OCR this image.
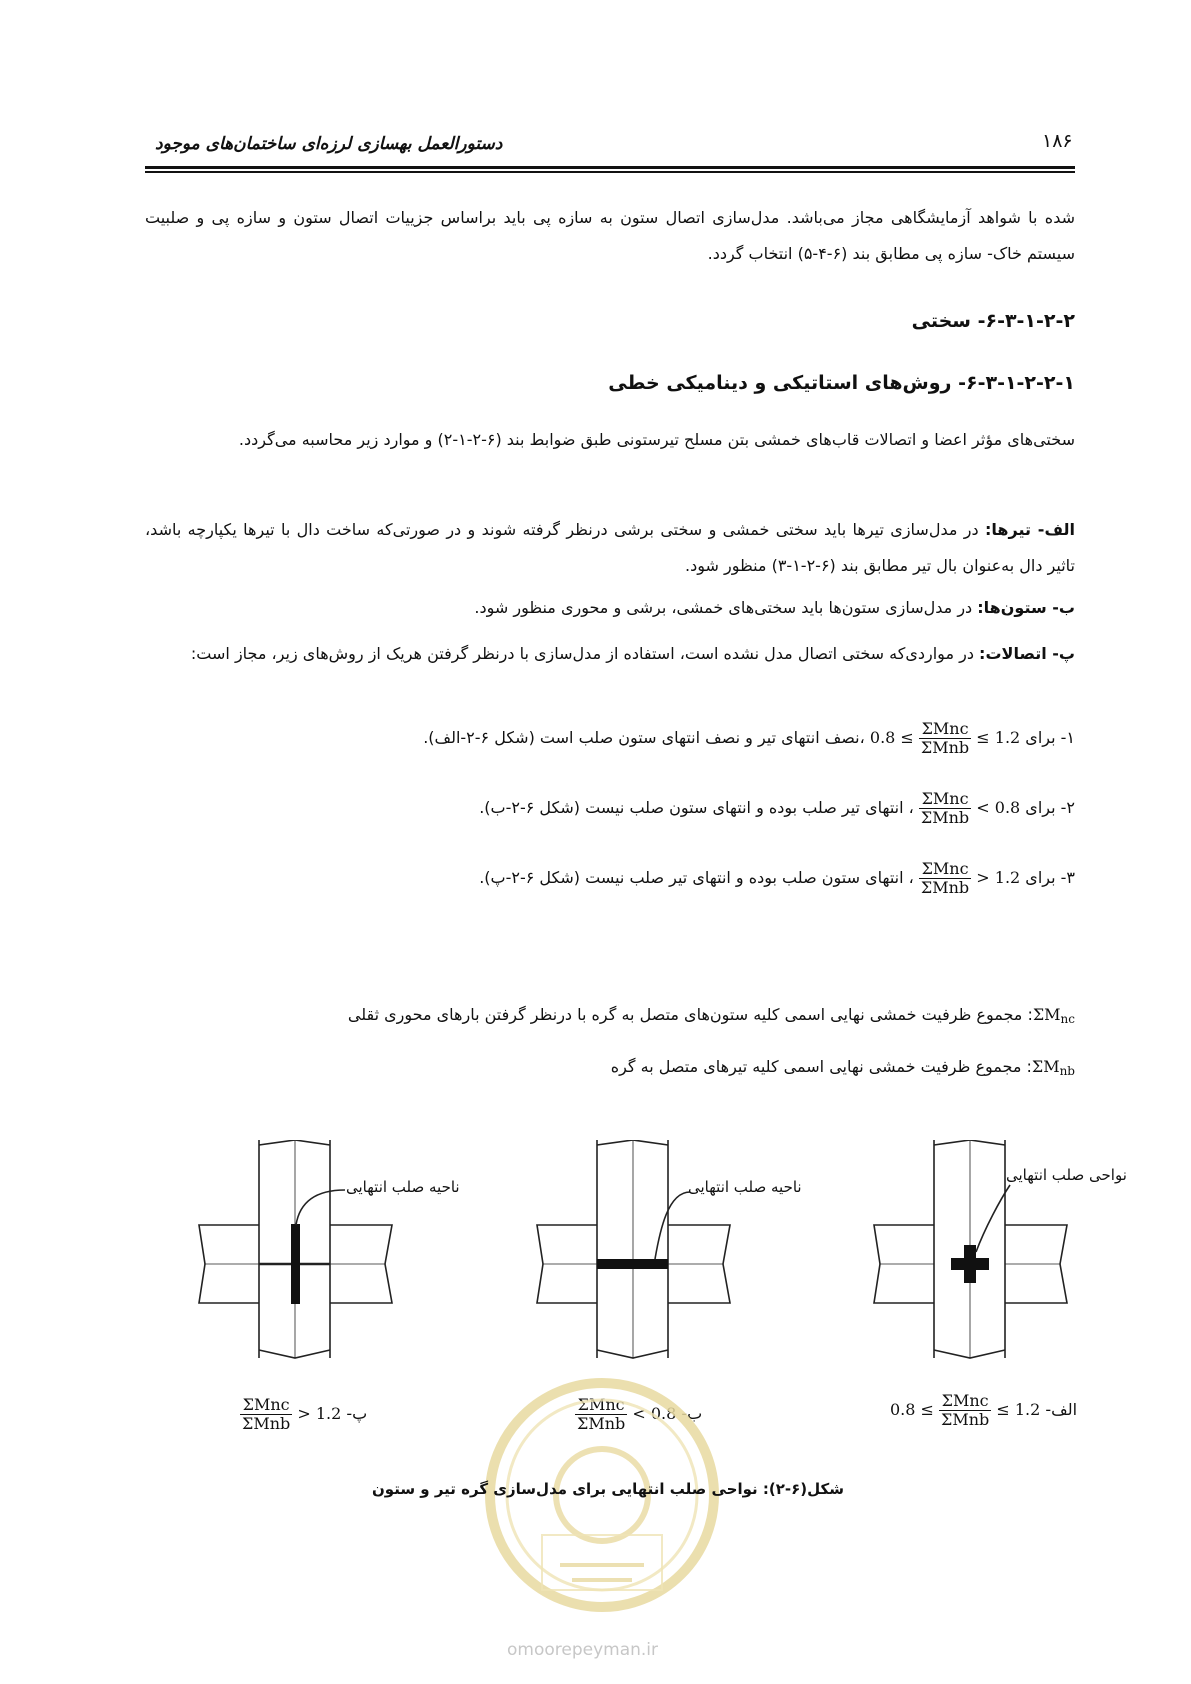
دستورالعمل بهسازی لرزه‌ای ساختمان‌های موجود	۱۸۶
شده با شواهد آزمایشگاهی مجاز می‌باشد. مدل‌سازی اتصال ستون به سازه پی باید براساس جزییات اتصال ستون و سازه پی و صلبیت سیستم خاک- سازه پی مطابق بند (۶-۴-۵) انتخاب گردد.
۶-۳-۱-۲-۲- سختی
۶-۳-۱-۲-۲-۱- روش‌های استاتیکی و دینامیکی خطی
سختی‌های مؤثر اعضا و اتصالات قاب‌های خمشی بتن مسلح تیرستونی طبق ضوابط بند (۶-۲-۱-۲) و موارد زیر محاسبه می‌گردد.
الف- تیرها: در مدل‌سازی تیرها باید سختی خمشی و سختی برشی درنظر گرفته شوند و در صورتی‌که ساخت دال با تیرها یکپارچه باشد، تاثیر دال به‌عنوان بال تیر مطابق بند (۶-۲-۱-۳) منظور شود.
ب- ستون‌ها: در مدل‌سازی ستون‌ها باید سختی‌های خمشی، برشی و محوری منظور شود.
پ- اتصالات: در مواردی‌که سختی اتصال مدل نشده است، استفاده از مدل‌سازی با درنظر گرفتن هریک از روش‌های زیر، مجاز است:
۱- برای $0.8 \le \frac{\text{ΣMnc}}{\text{ΣMnb}} \le 1.2$ ،نصف انتهای تیر و نصف انتهای ستون صلب است (شکل ۶-۲-الف).
۲- برای
$\frac{\text{ΣMnc}}{\text{ΣMnb}} < 0.8$ ، انتهای تیر صلب بوده و انتهای ستون صلب نیست (شکل ۶-۲-ب).
۳- برای
$\frac{\text{ΣMnc}}{\text{ΣMnb}} > 1.2$ ، انتهای ستون صلب بوده و انتهای تیر صلب نیست (شکل ۶-۲-پ).
$\Sigma M_{nc}$: مجموع ظرفیت خمشی نهایی اسمی کلیه ستون‌های متصل به گره با درنظر گرفتن بارهای محوری ثقلی
$\Sigma M_{nb}$: مجموع ظرفیت خمشی نهایی اسمی کلیه تیرهای متصل به گره
ناحیه صلب انتهایی	ناحیه صلب انتهایی
نواحی صلب انتهایی
پ-
$\frac{\text{ΣMnc}}{\text{ΣMnb}} > 1.2$	ب-
$\frac{\text{ΣMnc}}{\text{ΣMnb}} < 0.8$	الف- $0.8 \le \frac{\text{ΣMnc}}{\text{ΣMnb}} \le 1.2$
شکل(۶-۲): نواحی صلب انتهایی برای مدل‌سازی گره تیر و ستون
omoorepeyman.ir
